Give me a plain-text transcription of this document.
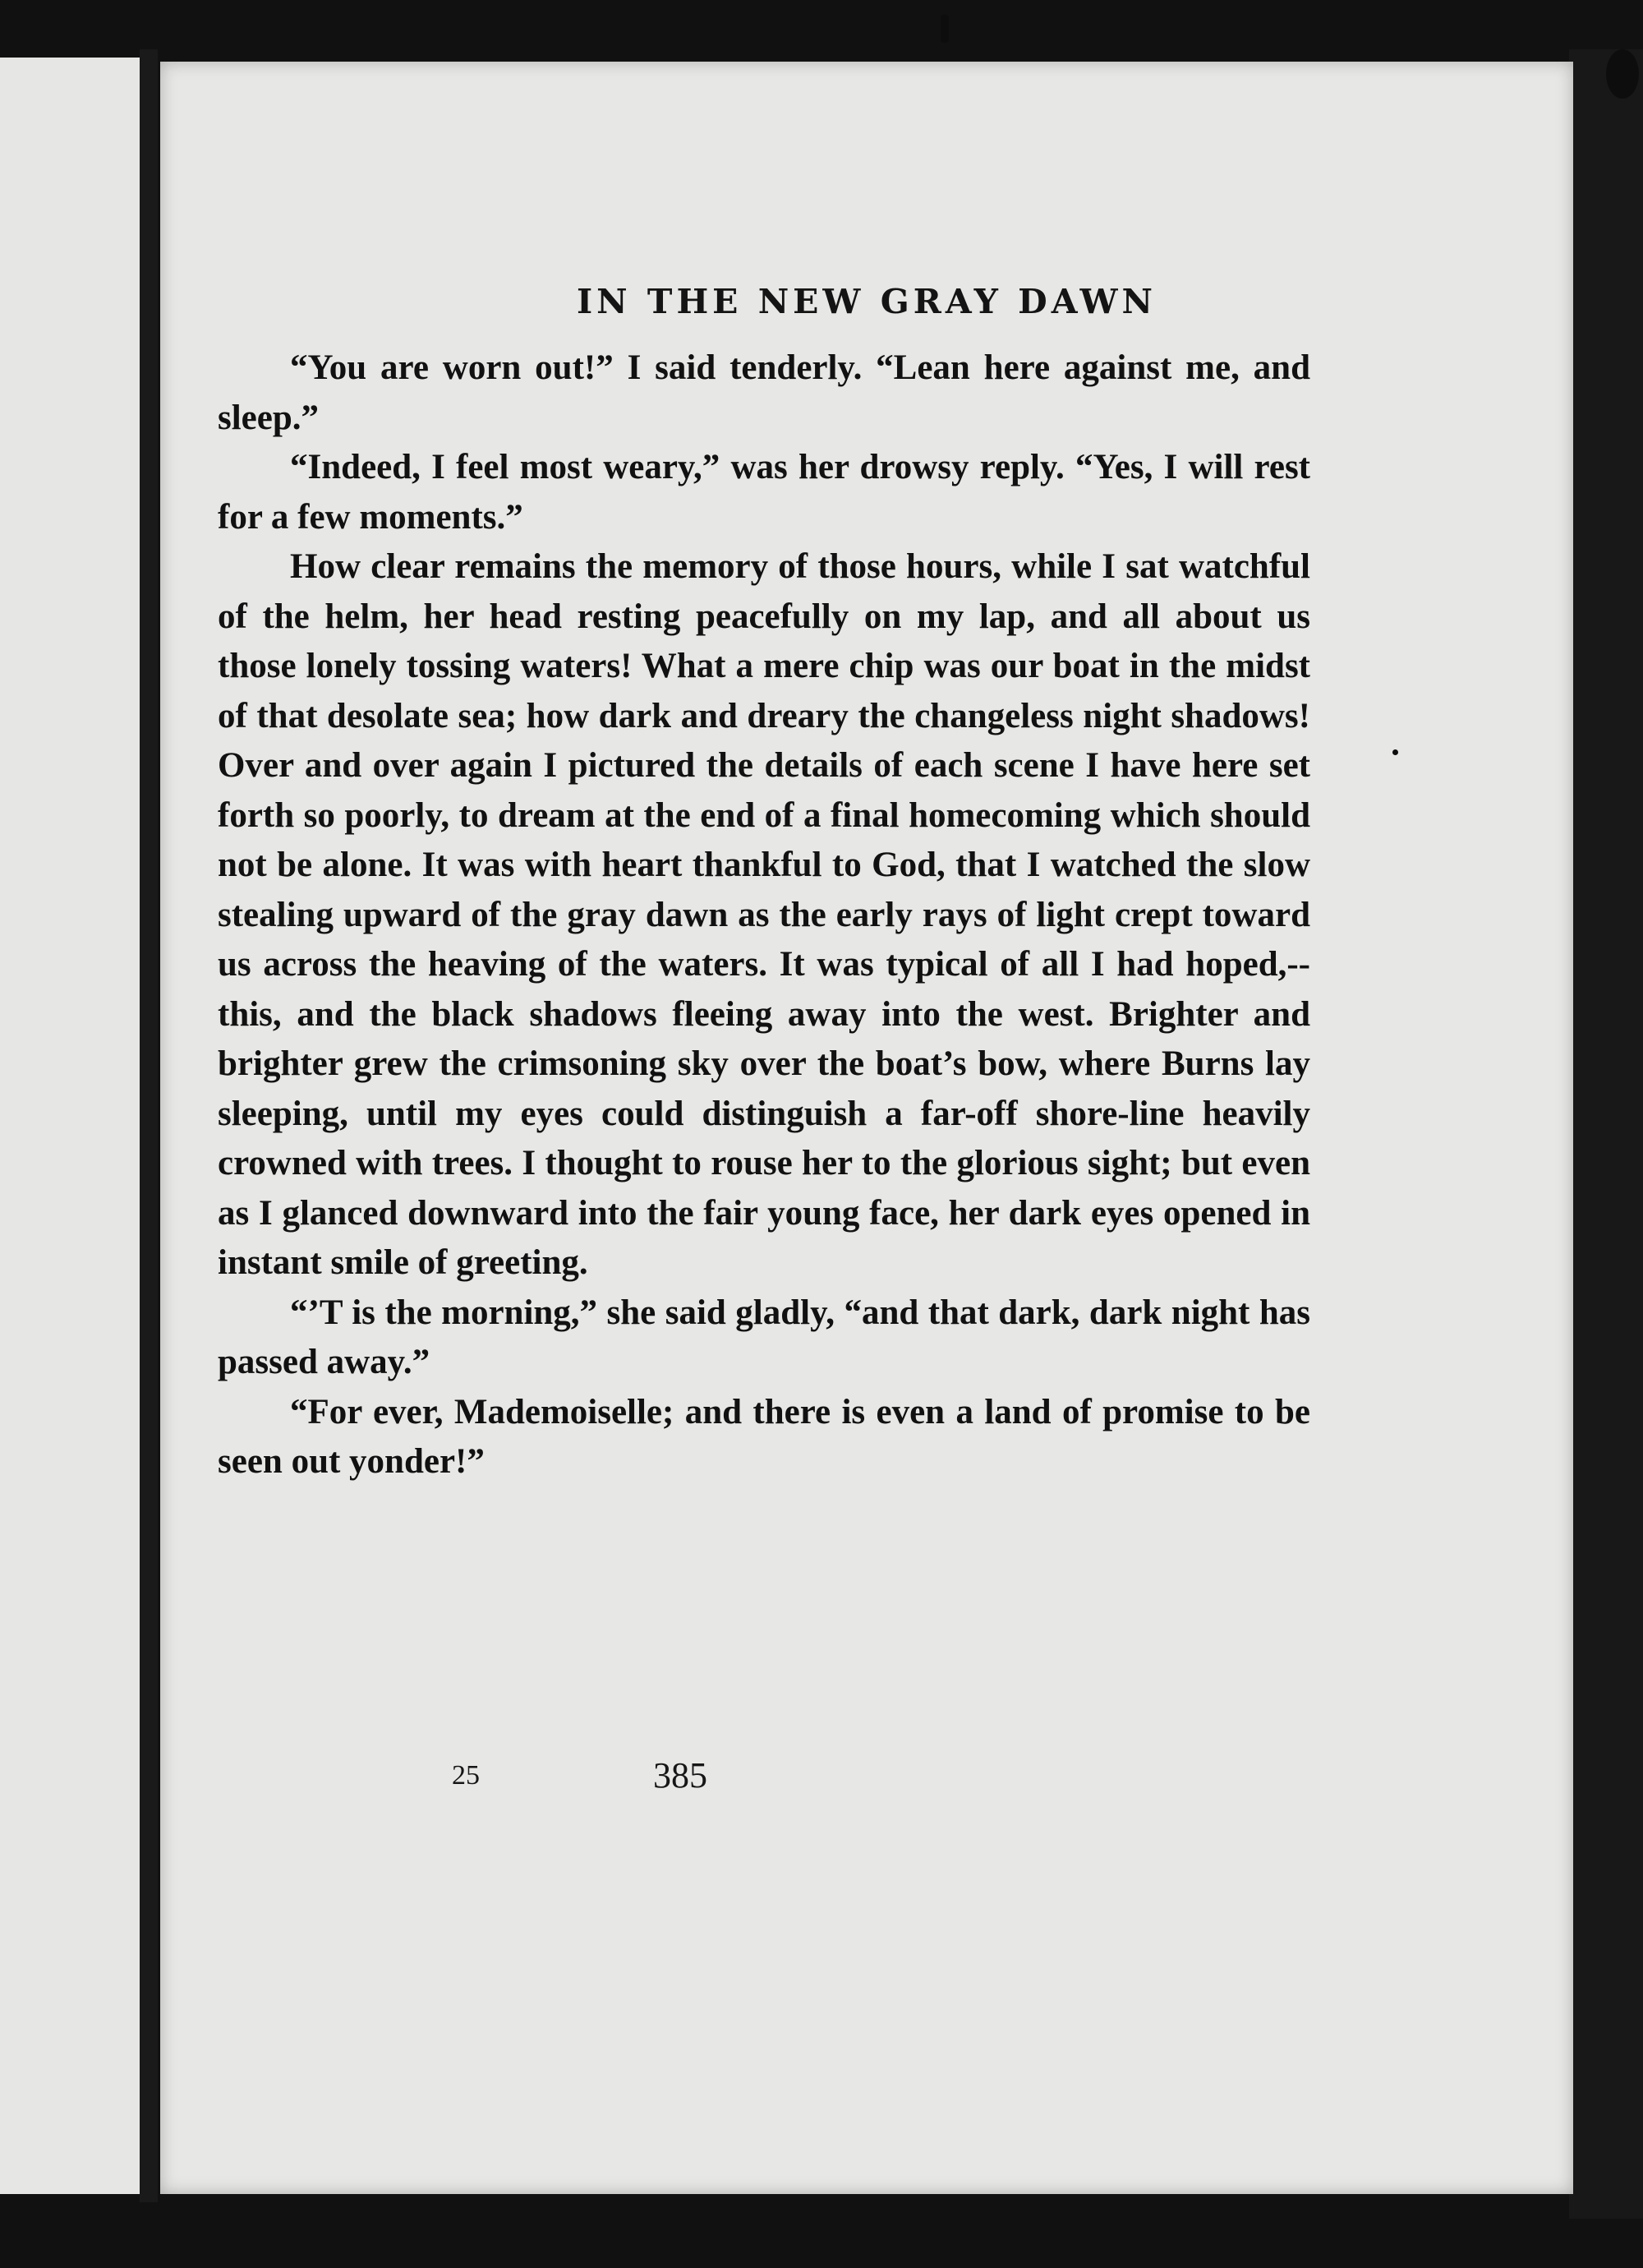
IN THE NEW GRAY DAWN

“You are worn out!” I said tenderly. “Lean here against me, and sleep.”

“Indeed, I feel most weary,” was her drowsy reply. “Yes, I will rest for a few moments.”

How clear remains the memory of those hours, while I sat watchful of the helm, her head resting peacefully on my lap, and all about us those lonely tossing waters! What a mere chip was our boat in the midst of that desolate sea; how dark and dreary the changeless night shadows! Over and over again I pictured the details of each scene I have here set forth so poorly, to dream at the end of a final homecoming which should not be alone. It was with heart thankful to God, that I watched the slow stealing upward of the gray dawn as the early rays of light crept toward us across the heaving of the waters. It was typical of all I had hoped,--this, and the black shadows fleeing away into the west. Brighter and brighter grew the crimsoning sky over the boat’s bow, where Burns lay sleeping, until my eyes could distinguish a far-off shore-line heavily crowned with trees. I thought to rouse her to the glorious sight; but even as I glanced downward into the fair young face, her dark eyes opened in instant smile of greeting.

“’T is the morning,” she said gladly, “and that dark, dark night has passed away.”

“For ever, Mademoiselle; and there is even a land of promise to be seen out yonder!”

25	385
